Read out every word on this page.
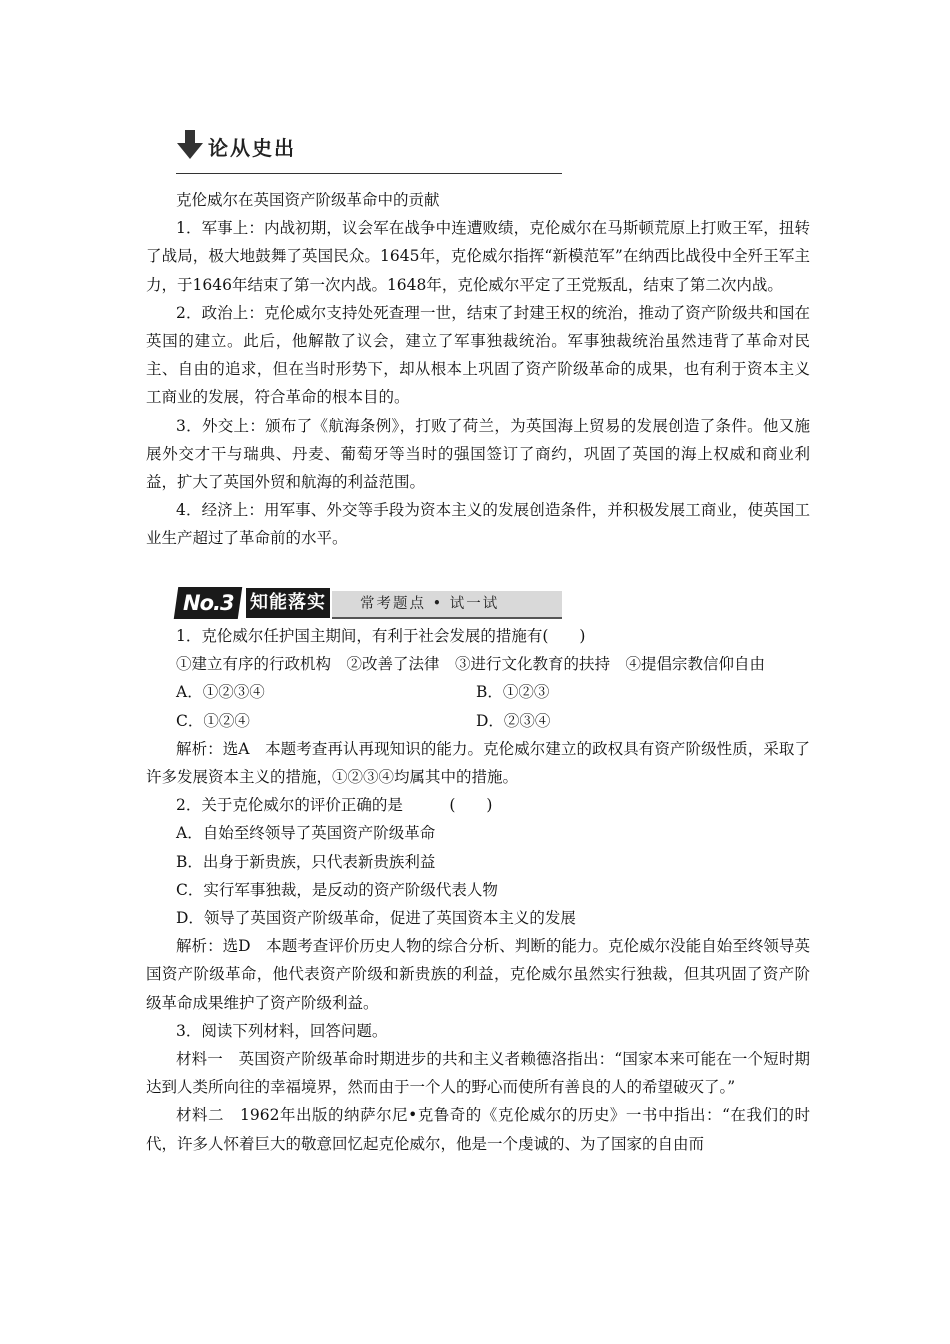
论从史出

克伦威尔在英国资产阶级革命中的贡献

1．军事上：内战初期，议会军在战争中连遭败绩，克伦威尔在马斯顿荒原上打败王军，扭转了战局，极大地鼓舞了英国民众。1645年，克伦威尔指挥“新模范军”在纳西比战役中全歼王军主力，于1646年结束了第一次内战。1648年，克伦威尔平定了王党叛乱，结束了第二次内战。

2．政治上：克伦威尔支持处死查理一世，结束了封建王权的统治，推动了资产阶级共和国在英国的建立。此后，他解散了议会，建立了军事独裁统治。军事独裁统治虽然违背了革命对民主、自由的追求，但在当时形势下，却从根本上巩固了资产阶级革命的成果，也有利于资本主义工商业的发展，符合革命的根本目的。

3．外交上：颁布了《航海条例》，打败了荷兰，为英国海上贸易的发展创造了条件。他又施展外交才干与瑞典、丹麦、葡萄牙等当时的强国签订了商约，巩固了英国的海上权威和商业利益，扩大了英国外贸和航海的利益范围。

4．经济上：用军事、外交等手段为资本主义的发展创造条件，并积极发展工商业，使英国工业生产超过了革命前的水平。

No.3 知能落实	常考题点 • 试一试

1．克伦威尔任护国主期间，有利于社会发展的措施有(　　)

①建立有序的行政机构　②改善了法律　③进行文化教育的扶持　④提倡宗教信仰自由

A．①②③④	B．①②③

C．①②④	D．②③④

解析：选A　本题考查再认再现知识的能力。克伦威尔建立的政权具有资产阶级性质，采取了许多发展资本主义的措施，①②③④均属其中的措施。

2．关于克伦威尔的评价正确的是　　　(　　)

A．自始至终领导了英国资产阶级革命

B．出身于新贵族，只代表新贵族利益

C．实行军事独裁，是反动的资产阶级代表人物

D．领导了英国资产阶级革命，促进了英国资本主义的发展

解析：选D　本题考查评价历史人物的综合分析、判断的能力。克伦威尔没能自始至终领导英国资产阶级革命，他代表资产阶级和新贵族的利益，克伦威尔虽然实行独裁，但其巩固了资产阶级革命成果维护了资产阶级利益。

3．阅读下列材料，回答问题。

材料一　英国资产阶级革命时期进步的共和主义者赖德洛指出：“国家本来可能在一个短时期达到人类所向往的幸福境界，然而由于一个人的野心而使所有善良的人的希望破灭了。”

材料二　1962年出版的纳萨尔尼•克鲁奇的《克伦威尔的历史》一书中指出：“在我们的时代，许多人怀着巨大的敬意回忆起克伦威尔，他是一个虔诚的、为了国家的自由而
